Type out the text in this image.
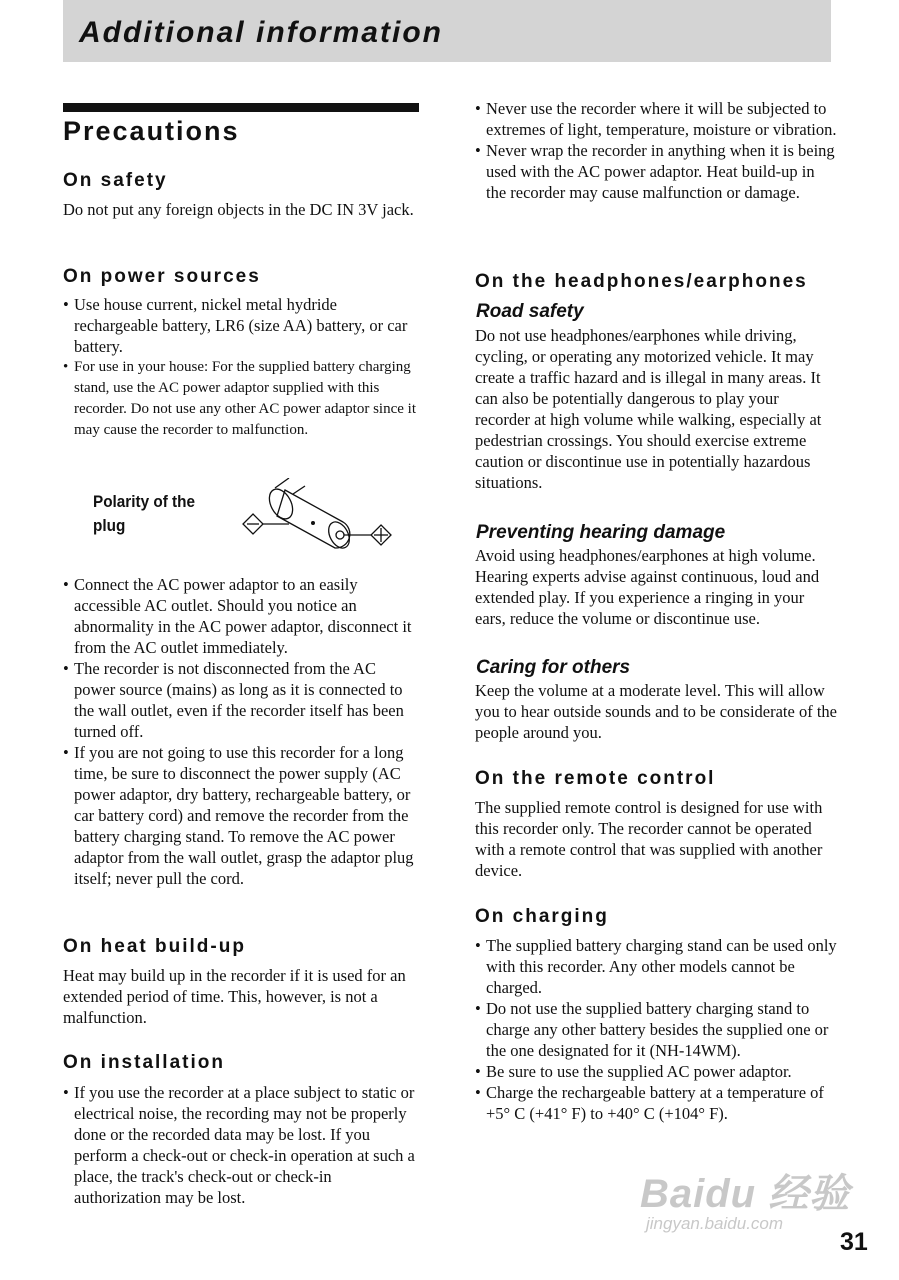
Additional information
Precautions
On safety

Do not put any foreign objects in the DC IN 3V jack.

On power sources
• Use house current, nickel metal hydride rechargeable battery, LR6 (size AA) battery, or car battery.
• For use in your house: For the supplied battery charging stand, use the AC power adaptor supplied with this recorder. Do not use any other AC power adaptor since it may cause the recorder to malfunction.
Polarity of the plug
• Connect the AC power adaptor to an easily accessible AC outlet. Should you notice an abnormality in the AC power adaptor, disconnect it from the AC outlet immediately.
• The recorder is not disconnected from the AC power source (mains) as long as it is connected to the wall outlet, even if the recorder itself has been turned off.
• If you are not going to use this recorder for a long time, be sure to disconnect the power supply (AC power adaptor, dry battery, rechargeable battery, or car battery cord) and remove the recorder from the battery charging stand. To remove the AC power adaptor from the wall outlet, grasp the adaptor plug itself; never pull the cord.
On heat build-up

Heat may build up in the recorder if it is used for an extended period of time. This, however, is not a malfunction.

On installation
• If you use the recorder at a place subject to static or electrical noise, the recording may not be properly done or the recorded data may be lost. If you perform a check-out or check-in operation at such a place, the track's check-out or check-in authorization may be lost.
• Never use the recorder where it will be subjected to extremes of light, temperature, moisture or vibration.
• Never wrap the recorder in anything when it is being used with the AC power adaptor. Heat build-up in the recorder may cause malfunction or damage.
On the headphones/earphones
Road safety

Do not use headphones/earphones while driving, cycling, or operating any motorized vehicle. It may create a traffic hazard and is illegal in many areas. It can also be potentially dangerous to play your recorder at high volume while walking, especially at pedestrian crossings. You should exercise extreme caution or discontinue use in potentially hazardous situations.

Preventing hearing damage

Avoid using headphones/earphones at high volume. Hearing experts advise against continuous, loud and extended play. If you experience a ringing in your ears, reduce the volume or discontinue use.

Caring for others

Keep the volume at a moderate level. This will allow you to hear outside sounds and to be considerate of the people around you.

On the remote control

The supplied remote control is designed for use with this recorder only. The recorder cannot be operated with a remote control that was supplied with another device.

On charging
• The supplied battery charging stand can be used only with this recorder. Any other models cannot be charged.
• Do not use the supplied battery charging stand to charge any other battery besides the supplied one or the one designated for it (NH-14WM).
• Be sure to use the supplied AC power adaptor.
• Charge the rechargeable battery at a temperature of +5° C (+41° F) to +40° C (+104° F).
Baidu 经验
jingyan.baidu.com
31
